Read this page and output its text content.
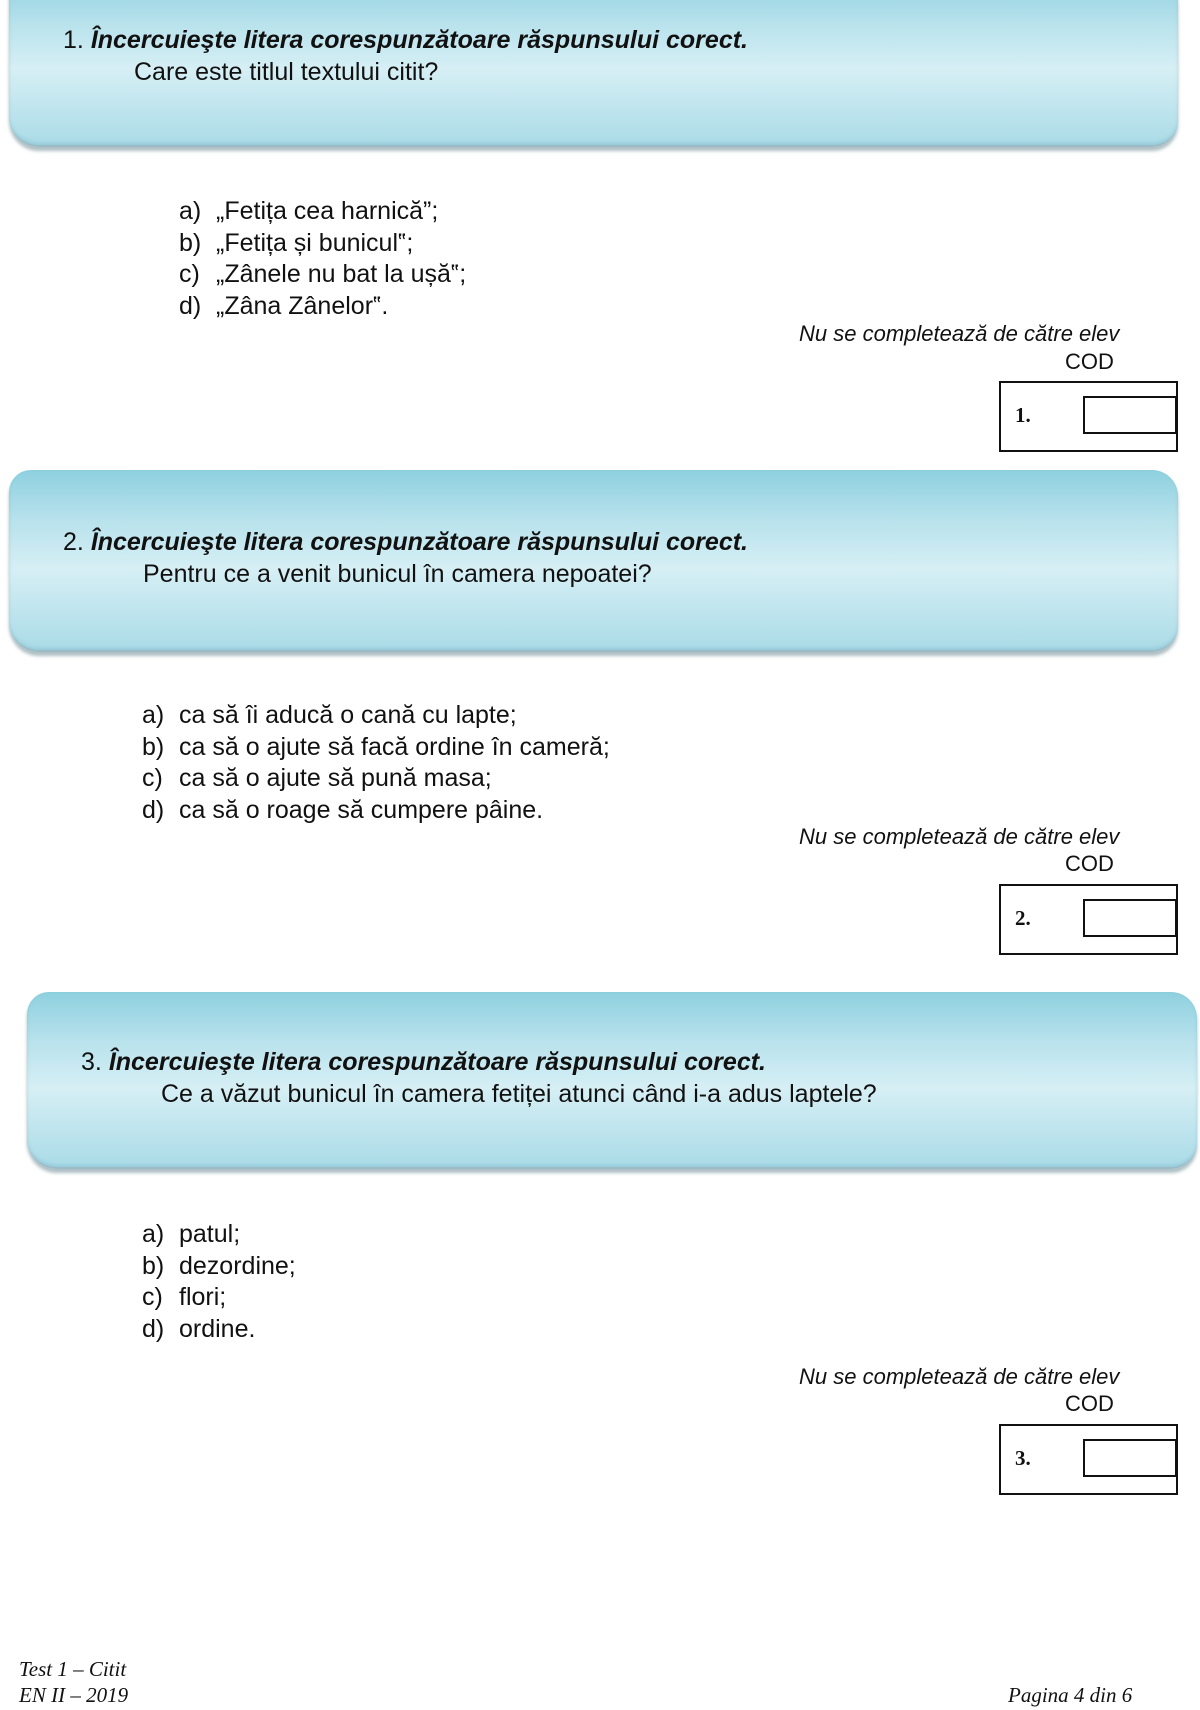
1. Încercuieşte litera corespunzătoare răspunsului corect.

Care este titlul textului citit?

a) „Fetița cea harnică”;
b) „Fetița și bunicul‟;
c) „Zânele nu bat la ușă‟;
d) „Zâna Zânelor‟.
Nu se completează de către elev
COD
1.

2. Încercuieşte litera corespunzătoare răspunsului corect.

Pentru ce a venit bunicul în camera nepoatei?

a) ca să îi aducă o cană cu lapte;
b) ca să o ajute să facă ordine în cameră;
c) ca să o ajute să pună masa;
d) ca să o roage să cumpere pâine.
Nu se completează de către elev
COD
2.

3. Încercuieşte litera corespunzătoare răspunsului corect.

Ce a văzut bunicul în camera fetiței atunci când i-a adus laptele?

a) patul;
b) dezordine;
c) flori;
d) ordine.
Nu se completează de către elev
COD
3.
Test 1 – Citit
EN II – 2019	Pagina 4 din 6
